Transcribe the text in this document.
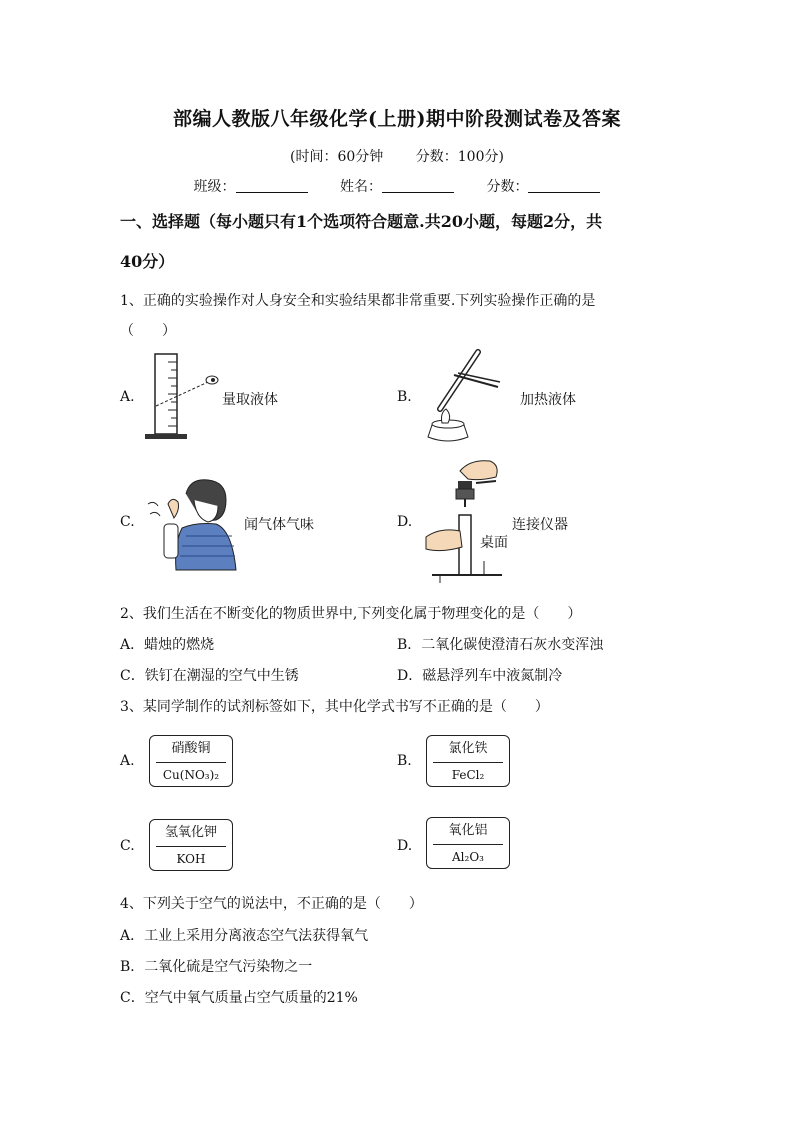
部编人教版八年级化学(上册)期中阶段测试卷及答案
(时间：60分钟 分数：100分)
班级：	姓名：	分数：
一、选择题（每小题只有1个选项符合题意.共20小题，每题2分，共
40分）
1、正确的实验操作对人身安全和实验结果都非常重要.下列实验操作正确的是
（　　）
A.	量取液体	B.	加热液体
C.	闻气体气味	D.	连接仪器
桌面
2、我们生活在不断变化的物质世界中,下列变化属于物理变化的是（　　）
A．蜡烛的燃烧	B．二氧化碳使澄清石灰水变浑浊
C．铁钉在潮湿的空气中生锈	D．磁悬浮列车中液氮制冷
3、某同学制作的试剂标签如下，其中化学式书写不正确的是（　　）
A.
硝酸铜
Cu(NO₃)₂
B.
氯化铁
FeCl₂
C.
氢氧化钾
KOH
D.
氧化铝
Al₂O₃
4、下列关于空气的说法中，不正确的是（　　）
A．工业上采用分离液态空气法获得氧气
B．二氧化硫是空气污染物之一
C．空气中氧气质量占空气质量的21%
